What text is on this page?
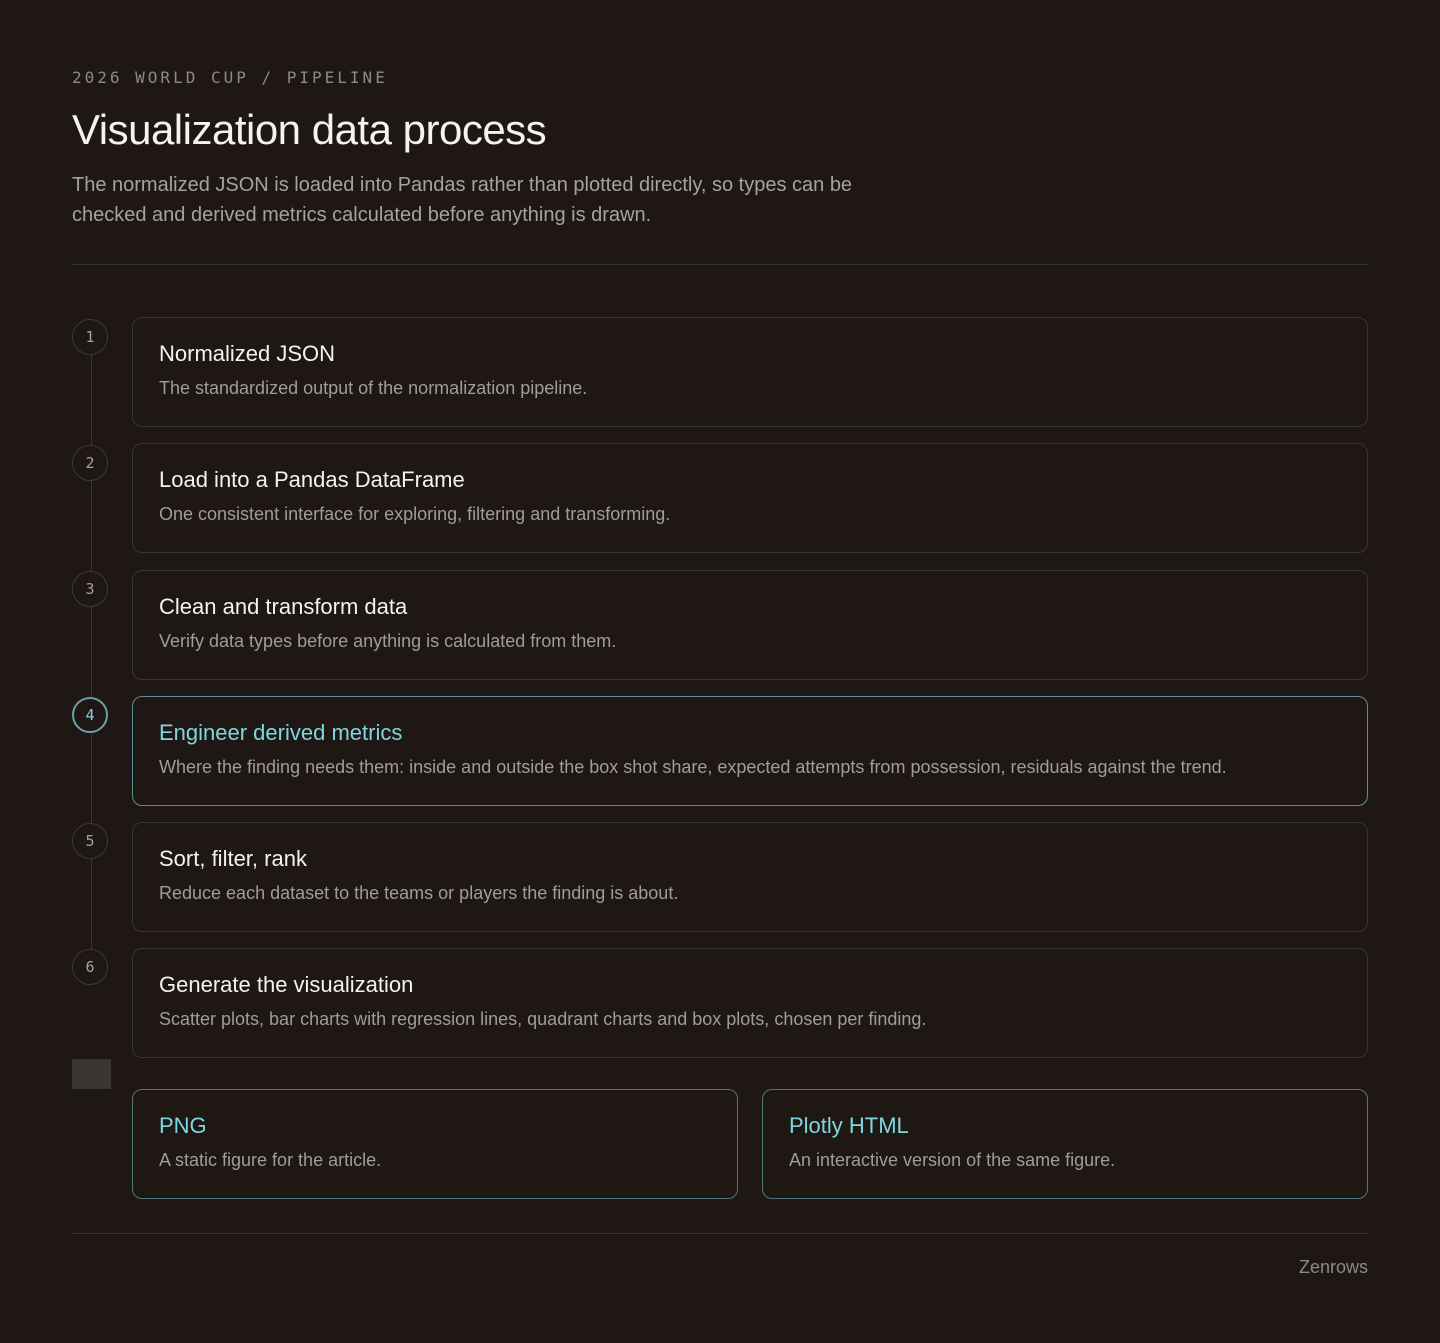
2026 WORLD CUP / PIPELINE
Visualization data process

The normalized JSON is loaded into Pandas rather than plotted directly, so types can be checked and derived metrics calculated before anything is drawn.

1
Normalized JSON
The standardized output of the normalization pipeline.
2
Load into a Pandas DataFrame
One consistent interface for exploring, filtering and transforming.
3
Clean and transform data
Verify data types before anything is calculated from them.
4
Engineer derived metrics
Where the finding needs them: inside and outside the box shot share, expected attempts from possession, residuals against the trend.
5
Sort, filter, rank
Reduce each dataset to the teams or players the finding is about.
6
Generate the visualization
Scatter plots, bar charts with regression lines, quadrant charts and box plots, chosen per finding.
PNG
A static figure for the article.
Plotly HTML
An interactive version of the same figure.
Zenrows
